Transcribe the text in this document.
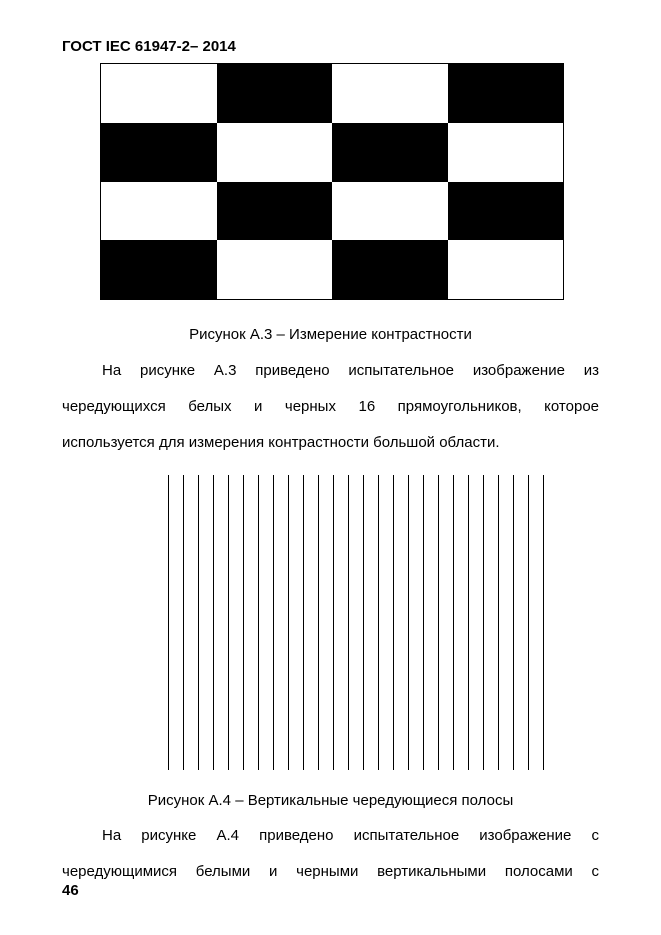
ГОСТ IEC 61947-2– 2014
Рисунок А.3 – Измерение контрастности
На рисунке А.3 приведено испытательное изображение из
чередующихся белых и черных 16 прямоугольников, которое
используется для измерения контрастности большой области.
Рисунок А.4 – Вертикальные чередующиеся полосы
На рисунке А.4 приведено испытательное изображение с
чередующимися белыми и черными вертикальными полосами с
46
